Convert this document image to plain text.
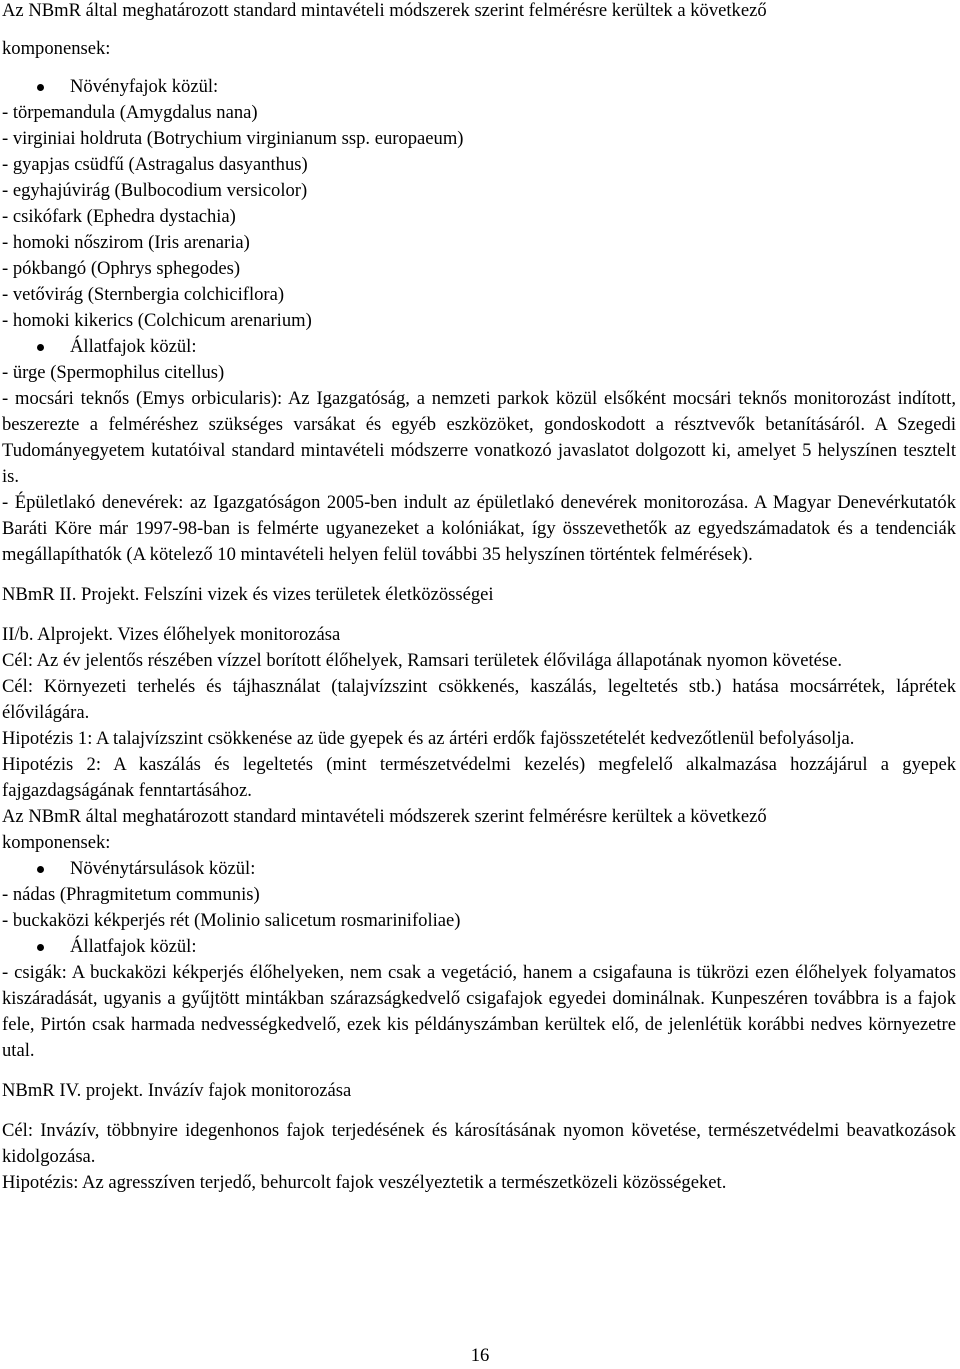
Az NBmR által meghatározott standard mintavételi módszerek szerint felmérésre kerültek a következő

komponensek:

Növényfajok közül:

- törpemandula (Amygdalus nana)

- virginiai holdruta (Botrychium virginianum ssp. europaeum)

- gyapjas csüdfű (Astragalus dasyanthus)

- egyhajúvirág (Bulbocodium versicolor)

- csikófark (Ephedra dystachia)

- homoki nőszirom (Iris arenaria)

- pókbangó (Ophrys sphegodes)

- vetővirág (Sternbergia colchiciflora)

- homoki kikerics (Colchicum arenarium)

Állatfajok közül:

- ürge (Spermophilus citellus)

- mocsári teknős (Emys orbicularis): Az Igazgatóság, a nemzeti parkok közül elsőként mocsári teknős monitorozást indított, beszerezte a felméréshez szükséges varsákat és egyéb eszközöket, gondoskodott a résztvevők betanításáról. A Szegedi Tudományegyetem kutatóival standard mintavételi módszerre vonatkozó javaslatot dolgozott ki, amelyet 5 helyszínen tesztelt is.

- Épületlakó denevérek: az Igazgatóságon 2005-ben indult az épületlakó denevérek monitorozása. A Magyar Denevérkutatók Baráti Köre már 1997-98-ban is felmérte ugyanezeket a kolóniákat, így összevethetők az egyedszámadatok és a tendenciák megállapíthatók (A kötelező 10 mintavételi helyen felül további 35 helyszínen történtek felmérések).

NBmR II. Projekt. Felszíni vizek és vizes területek életközösségei

II/b. Alprojekt. Vizes élőhelyek monitorozása

Cél: Az év jelentős részében vízzel borított élőhelyek, Ramsari területek élővilága állapotának nyomon követése.

Cél: Környezeti terhelés és tájhasználat (talajvízszint csökkenés, kaszálás, legeltetés stb.) hatása mocsárrétek, láprétek élővilágára.

Hipotézis 1: A talajvízszint csökkenése az üde gyepek és az ártéri erdők fajösszetételét kedvezőtlenül befolyásolja.

Hipotézis 2: A kaszálás és legeltetés (mint természetvédelmi kezelés) megfelelő alkalmazása hozzájárul a gyepek fajgazdagságának fenntartásához.

Az NBmR által meghatározott standard mintavételi módszerek szerint felmérésre kerültek a következő

komponensek:

Növénytársulások közül:

- nádas (Phragmitetum communis)

- buckaközi kékperjés rét (Molinio salicetum rosmarinifoliae)

Állatfajok közül:

- csigák: A buckaközi kékperjés élőhelyeken, nem csak a vegetáció, hanem a csigafauna is tükrözi ezen élőhelyek folyamatos kiszáradását, ugyanis a gyűjtött mintákban szárazságkedvelő csigafajok egyedei dominálnak. Kunpeszéren továbbra is a fajok fele, Pirtón csak harmada nedvességkedvelő, ezek kis példányszámban kerültek elő, de jelenlétük korábbi nedves környezetre utal.

NBmR IV. projekt. Invázív fajok monitorozása

Cél: Invázív, többnyire idegenhonos fajok terjedésének és károsításának nyomon követése, természetvédelmi beavatkozások kidolgozása.

Hipotézis: Az agresszíven terjedő, behurcolt fajok veszélyeztetik a természetközeli közösségeket.

16
